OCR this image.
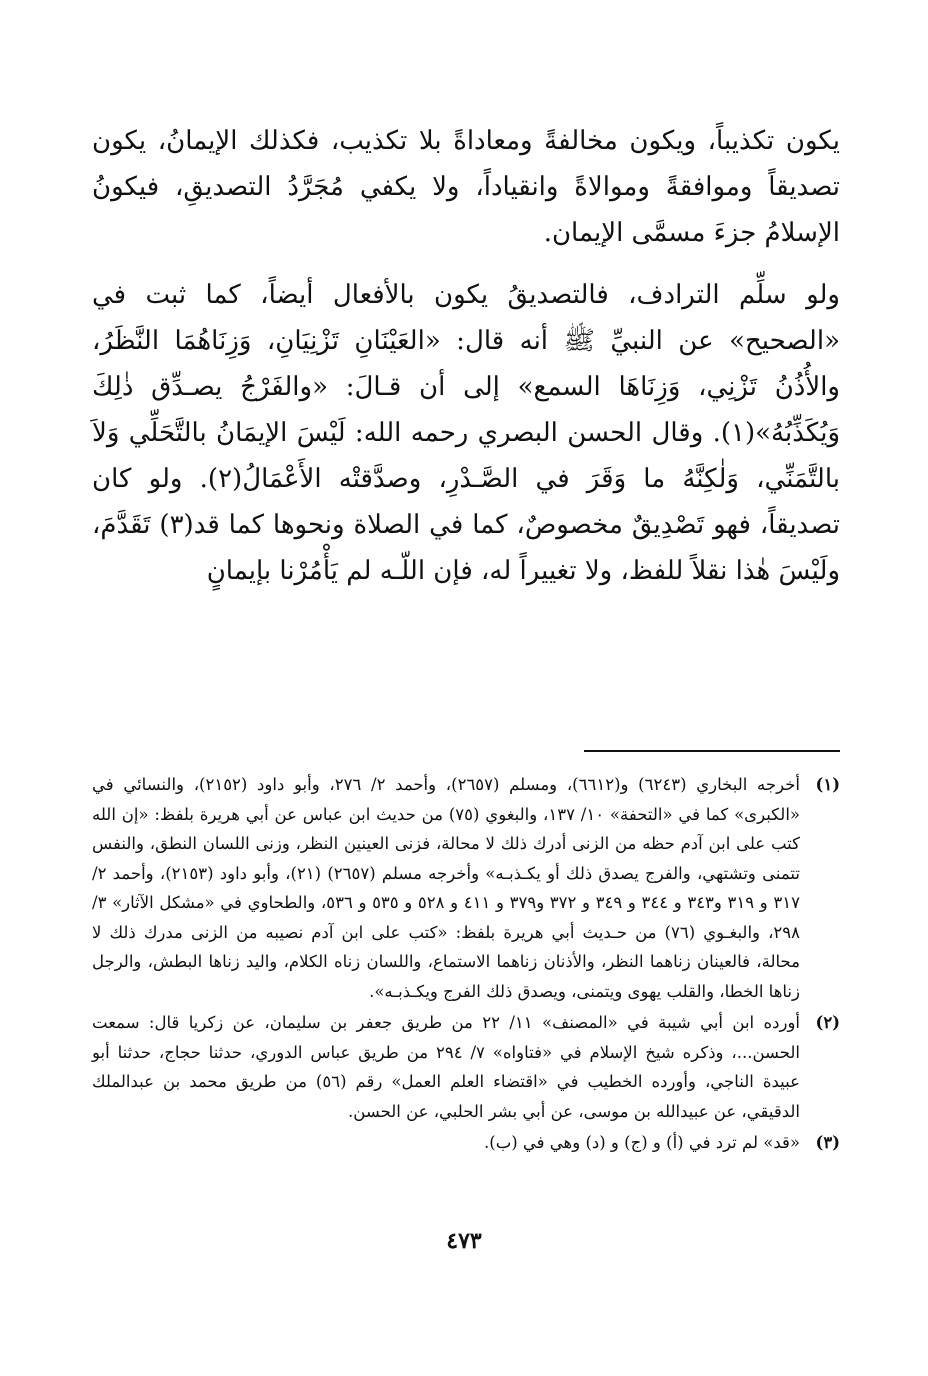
يكون تكذيباً، ويكون مخالفةً ومعاداةً بلا تكذيب، فكذلك الإيمانُ، يكون تصديقاً وموافقةً وموالاةً وانقياداً، ولا يكفي مُجَرَّدُ التصديقِ، فيكونُ الإسلامُ جزءَ مسمَّى الإيمان.

ولو سلِّم الترادف، فالتصديقُ يكون بالأفعال أيضاً، كما ثبت في «الصحيح» عن النبيِّ ﷺ أنه قال: «العَيْنَانِ تَزْنِيَانِ، وَزِنَاهُمَا النَّظَرُ، والأُذُنُ تَزْنِي، وَزِنَاهَا السمع» إلى أن قـالَ: «والفَرْجُ يصـدِّق ذٰلِكَ وَيُكَذِّبُهُ»(١). وقال الحسن البصري رحمه الله: لَيْسَ الإيمَانُ بالتَّحَلِّي وَلاَ بالتَّمَنِّي، وَلٰكِنَّهُ ما وَقَرَ في الصَّـدْرِ، وصدَّقتْه الأَعْمَالُ(٢). ولو كان تصديقاً، فهو تَصْدِيقٌ مخصوصٌ، كما في الصلاة ونحوها كما قد(٣) تَقَدَّمَ، ولَيْسَ هٰذا نقلاً للفظ، ولا تغييراً له، فإن اللّـه لم يَأْمُرْنا بإيمانٍ

(١)
أخرجه البخاري (٦٢٤٣) و(٦٦١٢)، ومسلم (٢٦٥٧)، وأحمد ٢/ ٢٧٦، وأبو داود (٢١٥٢)، والنسائي في «الكبرى» كما في «التحفة» ١٠/ ١٣٧، والبغوي (٧٥) من حديث ابن عباس عن أبي هريرة بلفظ: «إن الله كتب على ابن آدم حظه من الزنى أدرك ذلك لا محالة، فزنى العينين النظر، وزنى اللسان النطق، والنفس تتمنى وتشتهي، والفرج يصدق ذلك أو يكـذبـه» وأخرجه مسلم (٢٦٥٧) (٢١)، وأبو داود (٢١٥٣)، وأحمد ٢/ ٣١٧ و ٣١٩ و٣٤٣ و ٣٤٤ و ٣٤٩ و ٣٧٢ و٣٧٩ و ٤١١ و ٥٢٨ و ٥٣٥ و ٥٣٦، والطحاوي في «مشكل الآثار» ٣/ ٢٩٨، والبغـوي (٧٦) من حـديث أبي هريرة بلفظ: «كتب على ابن آدم نصيبه من الزنى مدرك ذلك لا محالة، فالعينان زناهما النظر، والأذنان زناهما الاستماع، واللسان زناه الكلام، واليد زناها البطش، والرجل زناها الخطا، والقلب يهوى ويتمنى، ويصدق ذلك الفرج ويكـذبـه».
(٢)
أورده ابن أبي شيبة في «المصنف» ١١/ ٢٢ من طريق جعفر بن سليمان، عن زكريا قال: سمعت الحسن...، وذكره شيخ الإسلام في «فتاواه» ٧/ ٢٩٤ من طريق عباس الدوري، حدثنا حجاج، حدثنا أبو عبيدة الناجي، وأورده الخطيب في «اقتضاء العلم العمل» رقم (٥٦) من طريق محمد بن عبدالملك الدقيقي، عن عبيدالله بن موسى، عن أبي بشر الحلبي، عن الحسن.
(٣)
«قد» لم ترد في (أ) و (ج) و (د) وهي في (ب).
٤٧٣
